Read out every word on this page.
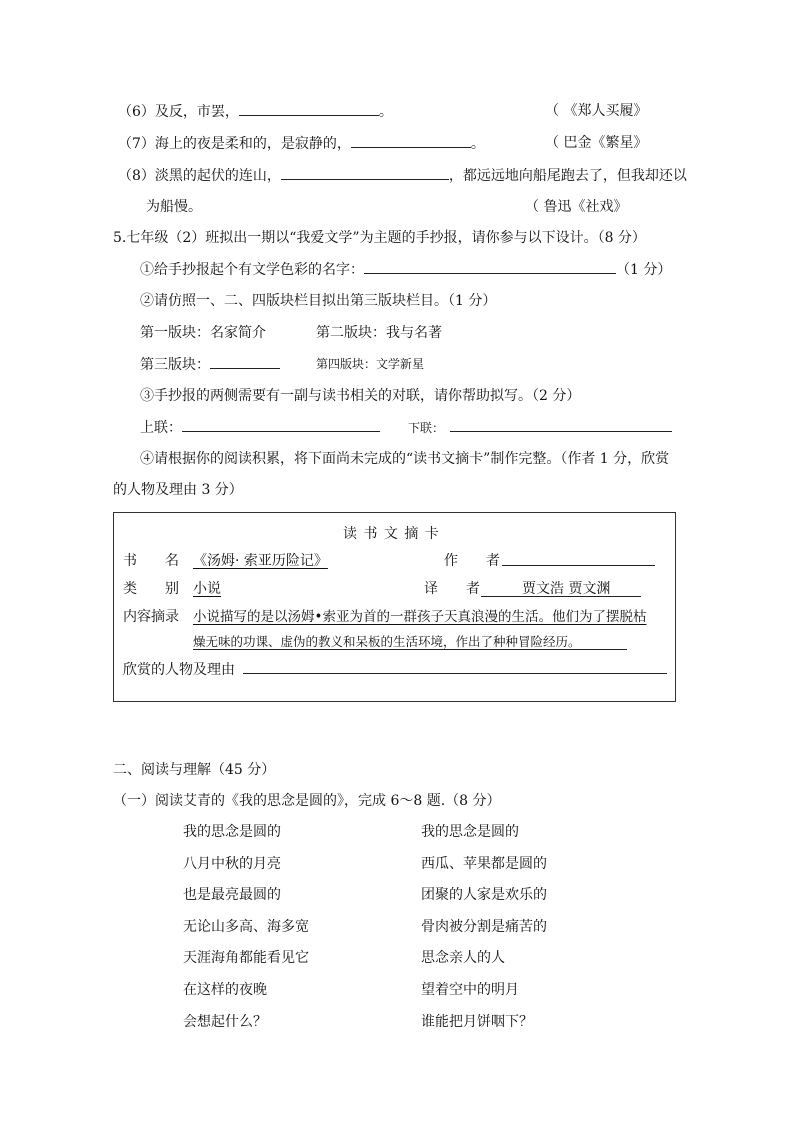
（6）及反，市罢，	。	（ 《郑人买履》
（7）海上的夜是柔和的，是寂静的，	。	（ 巴金《繁星》
（8）淡黑的起伏的连山，	，都远远地向船尾跑去了，但我却还以
为船慢。	（ 鲁迅《社戏》
5.七年级（2）班拟出一期以“我爱文学”为主题的手抄报，请你参与以下设计。（8 分）
①给手抄报起个有文学色彩的名字：	（1 分）
②请仿照一、二、四版块栏目拟出第三版块栏目。（1 分）
第一版块：名家简介	第二版块：我与名著
第三版块：	第四版块：文学新星
③手抄报的两侧需要有一副与读书相关的对联，请你帮助拟写。（2 分）
上联：	下联：
④请根据你的阅读积累，将下面尚未完成的“读书文摘卡”制作完整。（作者 1 分，欣赏
的人物及理由 3 分）
读 书 文 摘 卡
书　　名 《汤姆· 索亚历险记》	作　　者
类　　别 小说	译　　者	贾文浩 贾文渊
内容摘录 小说描写的是以汤姆•索亚为首的一群孩子天真浪漫的生活。他们为了摆脱枯
燥无味的功课、虚伪的教义和呆板的生活环境，作出了种种冒险经历。
欣赏的人物及理由
二、阅读与理解（45 分）
（一）阅读艾青的《我的思念是圆的》，完成 6～8 题.（8 分）
我的思念是圆的
八月中秋的月亮
也是最亮最圆的
无论山多高、海多宽
天涯海角都能看见它
在这样的夜晚
会想起什么？
我的思念是圆的
西瓜、苹果都是圆的
团聚的人家是欢乐的
骨肉被分割是痛苦的
思念亲人的人
望着空中的明月
谁能把月饼咽下？
